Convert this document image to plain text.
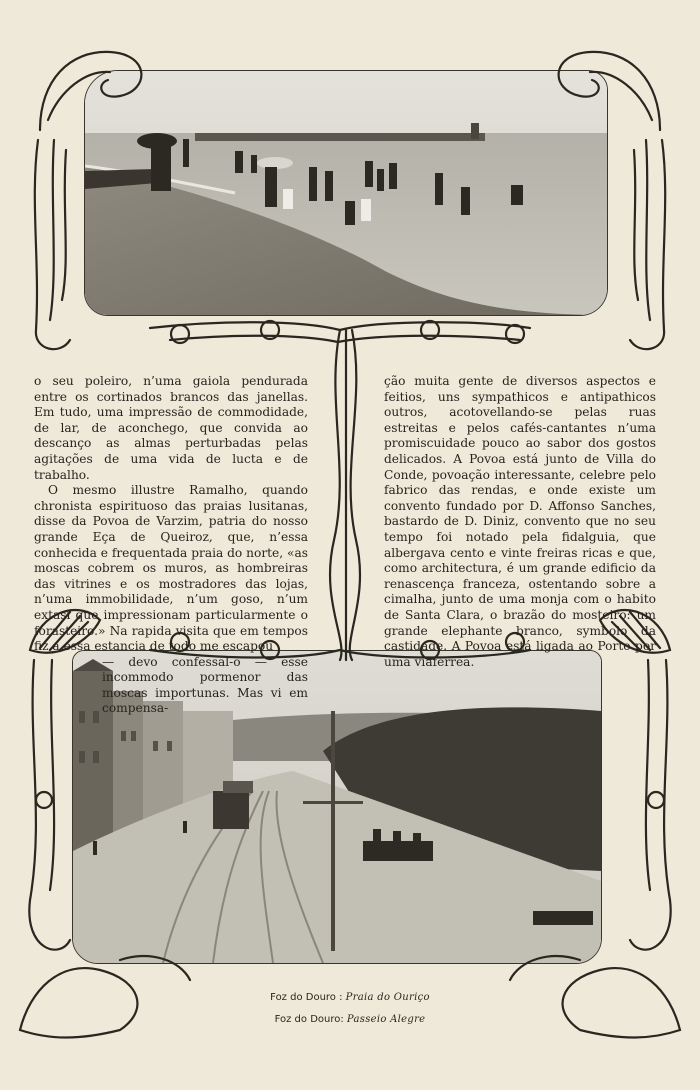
o seu poleiro, n’uma gaiola pendurada entre os cortinados brancos das janellas. Em tudo, uma impressão de commodidade, de lar, de aconchego, que convida ao descanço as almas perturbadas pelas agitações de uma vida de lucta e de trabalho.

O mesmo illustre Ramalho, quando chronista espirituoso das praias lusitanas, disse da Povoa de Varzim, patria do nosso grande Eça de Queiroz, que, n’essa conhecida e frequentada praia do norte, «as moscas cobrem os muros, as hombreiras das vitrines e os mostradores das lojas, n’uma immobilidade, n’um goso, n’um extasi que impressionam particularmente o forasteiro.» Na rapida visita que em tempos fiz a essa estancia de todo me escapou

— devo confessal-o — esse incommodo pormenor das moscas importunas. Mas vi em compensa-

ção muita gente de diversos aspectos e feitios, uns sympathicos e antipathicos outros, acotovellando-se pelas ruas estreitas e pelos cafés-cantantes n’uma promiscuidade pouco ao sabor dos gostos delicados. A Povoa está junto de Villa do Conde, povoação interessante, celebre pelo fabrico das rendas, e onde existe um convento fundado por D. Affonso Sanches, bastardo de D. Diniz, convento que no seu tempo foi notado pela fidalguia, que albergava cento e vinte freiras ricas e que, como architectura, é um grande edificio da renascença franceza, ostentando sobre a cimalha, junto de uma monja com o habito de Santa Clara, o brazão do mosteiro: um grande elephante branco, symbolo da castidade. A Povoa está ligada ao Porto por uma viaferrea.

Foz do Douro : Praia do Ouriço
Foz do Douro: Passeio Alegre
